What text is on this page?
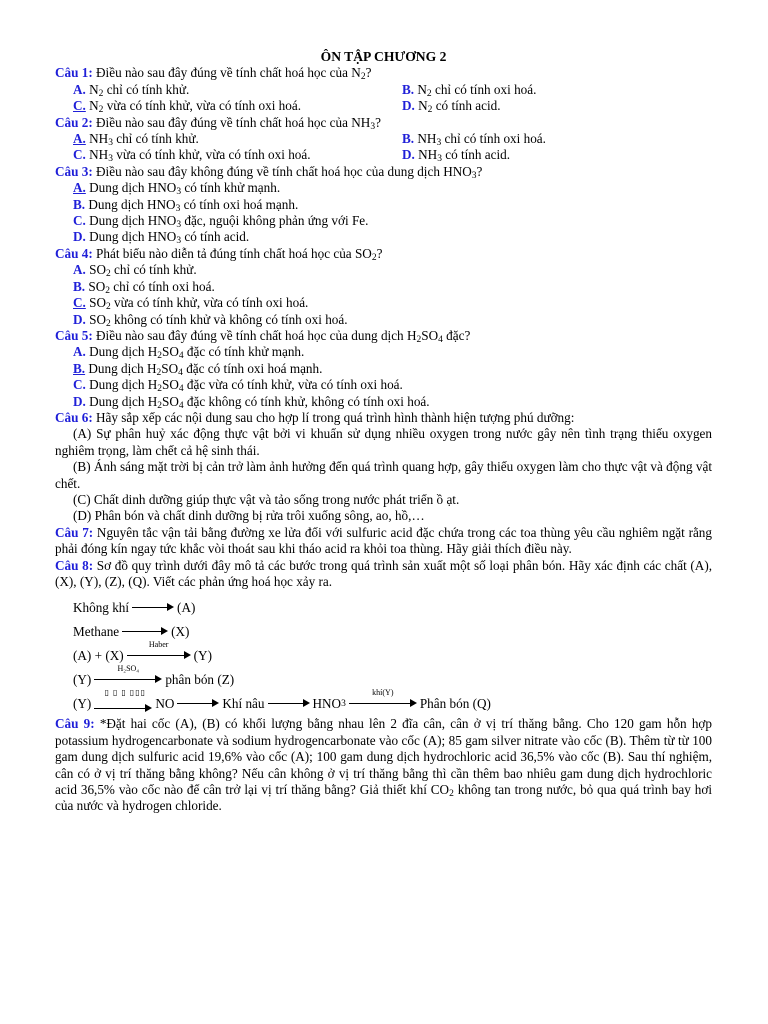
ÔN TẬP CHƯƠNG 2
Câu 1: Điều nào sau đây đúng về tính chất hoá học của $N_2$?
A. $N_2$ chỉ có tính khử.	B. $N_2$ chỉ có tính oxi hoá.
C. $N_2$ vừa có tính khử, vừa có tính oxi hoá.	D. $N_2$ có tính acid.
Câu 2: Điều nào sau đây đúng về tính chất hoá học của $NH_3$?
A. $NH_3$ chỉ có tính khử.	B. $NH_3$ chỉ có tính oxi hoá.
C. $NH_3$ vừa có tính khử, vừa có tính oxi hoá.	D. $NH_3$ có tính acid.
Câu 3: Điều nào sau đây không đúng về tính chất hoá học của dung dịch $HNO_3$?
A. Dung dịch $HNO_3$ có tính khử mạnh.
B. Dung dịch $HNO_3$ có tính oxi hoá mạnh.
C. Dung dịch $HNO_3$ đặc, nguội không phản ứng với Fe.
D. Dung dịch $HNO_3$ có tính acid.
Câu 4: Phát biểu nào diễn tả đúng tính chất hoá học của $SO_2$?
A. $SO_2$ chỉ có tính khử.
B. $SO_2$ chỉ có tính oxi hoá.
C. $SO_2$ vừa có tính khử, vừa có tính oxi hoá.
D. $SO_2$ không có tính khử và không có tính oxi hoá.
Câu 5: Điều nào sau đây đúng về tính chất hoá học của dung dịch $H_2SO_4$ đặc?
A. Dung dịch $H_2SO_4$ đặc có tính khử mạnh.
B. Dung dịch $H_2SO_4$ đặc có tính oxi hoá mạnh.
C. Dung dịch $H_2SO_4$ đặc vừa có tính khử, vừa có tính oxi hoá.
D. Dung dịch $H_2SO_4$ đặc không có tính khử, không có tính oxi hoá.
Câu 6: Hãy sắp xếp các nội dung sau cho hợp lí trong quá trình hình thành hiện tượng phú dưỡng:
(A) Sự phân huỷ xác động thực vật bởi vi khuẩn sử dụng nhiều oxygen trong nước gây nên tình trạng thiếu oxygen nghiêm trọng, làm chết cả hệ sinh thái.
(B) Ánh sáng mặt trời bị cản trở làm ảnh hưởng đến quá trình quang hợp, gây thiếu oxygen làm cho thực vật và động vật chết.
(C) Chất dinh dưỡng giúp thực vật và tảo sống trong nước phát triển ồ ạt.
(D) Phân bón và chất dinh dưỡng bị rửa trôi xuống sông, ao, hồ,…
Câu 7: Nguyên tắc vận tải bằng đường xe lửa đối với sulfuric acid đặc chứa trong các toa thùng yêu cầu nghiêm ngặt rằng phải đóng kín ngay tức khắc vòi thoát sau khi tháo acid ra khỏi toa thùng. Hãy giải thích điều này.
Câu 8: Sơ đồ quy trình dưới đây mô tả các bước trong quá trình sản xuất một số loại phân bón. Hãy xác định các chất (A), (X), (Y), (Z), (Q). Viết các phản ứng hoá học xảy ra.
Không khí	(A)
Methane	(X)
(A) + (X)
Haber
(Y)
(Y)
H₂SO₄
phân bón (Z)
(Y)
▯ ▯ ▯ ▯▯▯
NO	Khí nâu	HNO 3
khí(Y)
Phân bón (Q)
Câu 9: *Đặt hai cốc (A), (B) có khối lượng bằng nhau lên 2 đĩa cân, cân ở vị trí thăng bằng. Cho 120 gam hỗn hợp potassium hydrogencarbonate và sodium hydrogencarbonate vào cốc (A); 85 gam silver nitrate vào cốc (B). Thêm từ từ 100 gam dung dịch sulfuric acid 19,6% vào cốc (A); 100 gam dung dịch hydrochloric acid 36,5% vào cốc (B). Sau thí nghiệm, cân có ở vị trí thăng bằng không? Nếu cân không ở vị trí thăng bằng thì cần thêm bao nhiêu gam dung dịch hydrochloric acid 36,5% vào cốc nào để cân trở lại vị trí thăng bằng? Giả thiết khí $CO_2$ không tan trong nước, bỏ qua quá trình bay hơi của nước và hydrogen chloride.
